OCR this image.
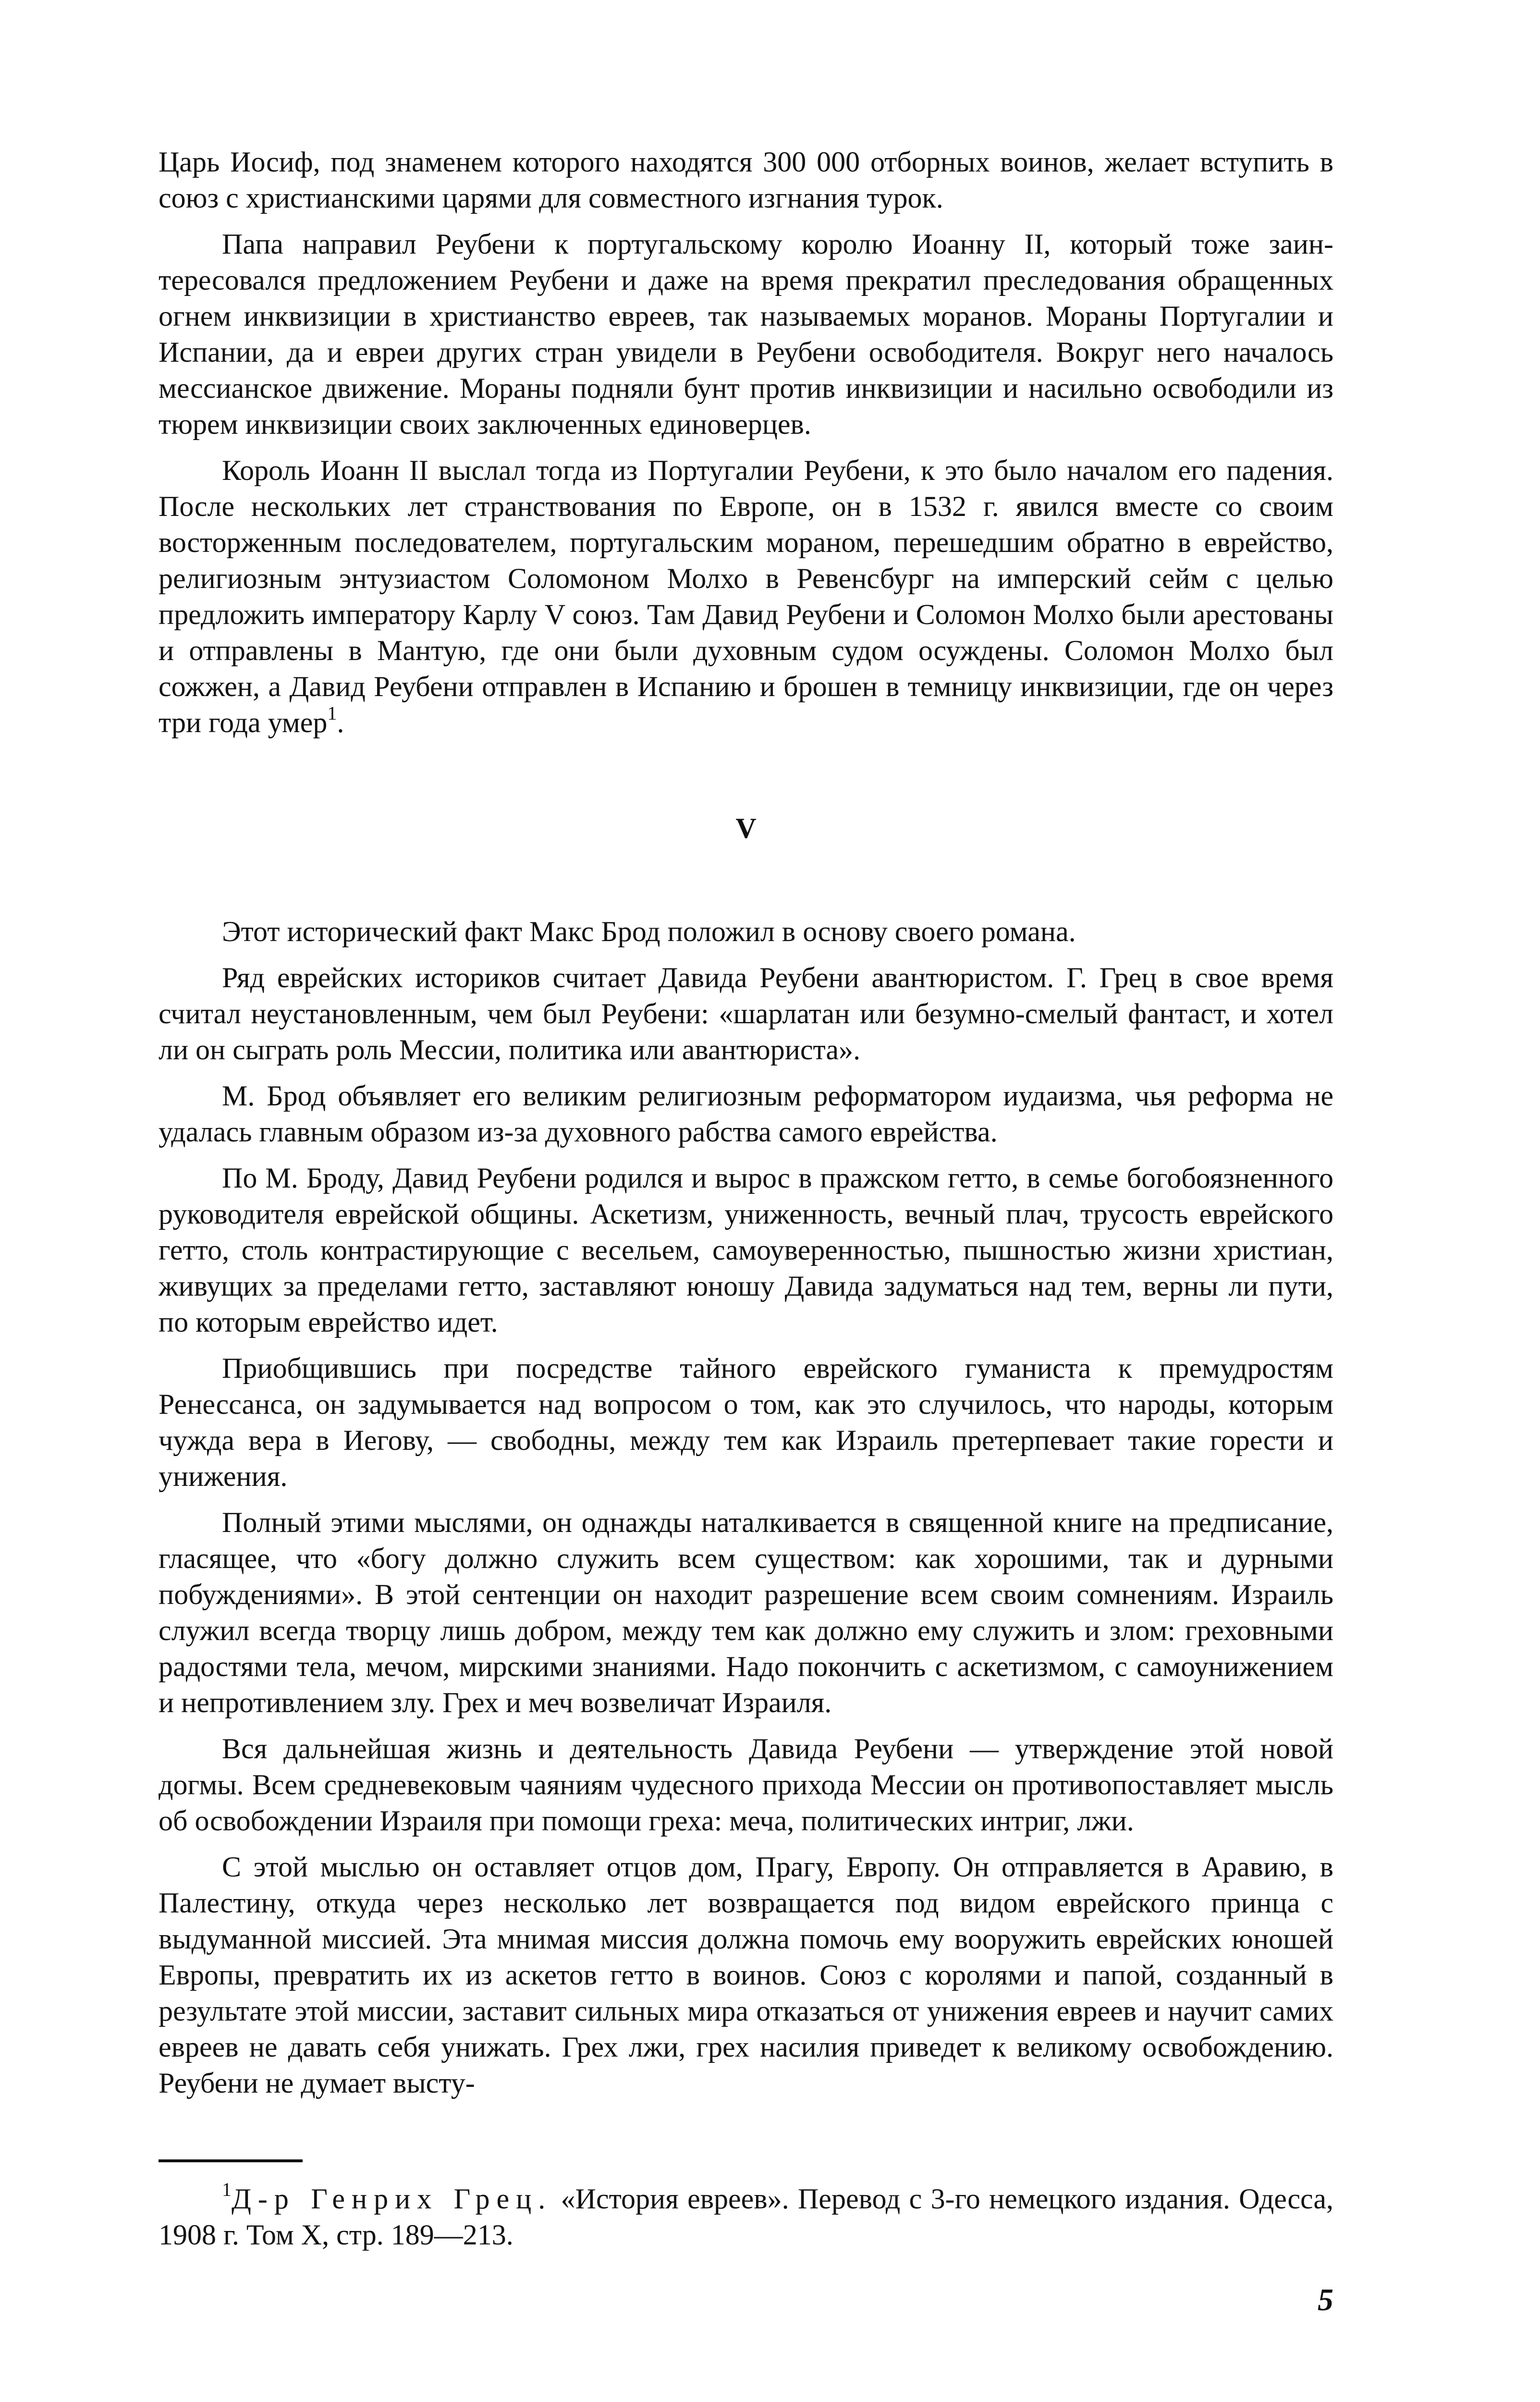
Царь Иосиф, под знаменем которого находятся 300 000 отборных воинов, желает вступить в союз с христианскими царями для совместного изгнания турок.

Папа направил Реубени к португальскому королю Иоанну II, который тоже заинтересовался предложением Реубени и даже на время прекратил преследования обращенных огнем инквизиции в христианство евреев, так называемых моранов. Мораны Португалии и Испании, да и евреи других стран увидели в Реубени освободителя. Вокруг него началось мессианское движение. Мораны подняли бунт против инквизиции и насильно освободили из тюрем инквизиции своих заключенных единоверцев.

Король Иоанн II выслал тогда из Португалии Реубени, к это было началом его падения. После нескольких лет странствования по Европе, он в 1532 г. явился вместе со своим восторженным последователем, португальским мораном, перешедшим обратно в еврейство, религиозным энтузиастом Соломоном Молхо в Ревенсбург на имперский сейм с целью предложить императору Карлу V союз. Там Давид Реубени и Соломон Молхо были арестованы и отправлены в Мантую, где они были духовным судом осуждены. Соломон Молхо был сожжен, а Давид Реубени отправлен в Испанию и брошен в темницу инквизиции, где он через три года умер$^1$.

V

Этот исторический факт Макс Брод положил в основу своего романа.

Ряд еврейских историков считает Давида Реубени авантюристом. Г. Грец в свое время считал неустановленным, чем был Реубени: «шарлатан или безумно-смелый фантаст, и хотел ли он сыграть роль Мессии, политика или авантюриста».

М. Брод объявляет его великим религиозным реформатором иудаизма, чья реформа не удалась главным образом из-за духовного рабства самого еврейства.

По М. Броду, Давид Реубени родился и вырос в пражском гетто, в семье богобоязненного руководителя еврейской общины. Аскетизм, униженность, вечный плач, трусость еврейского гетто, столь контрастирующие с весельем, самоуверенностью, пышностью жизни христиан, живущих за пределами гетто, заставляют юношу Давида задуматься над тем, верны ли пути, по которым еврейство идет.

Приобщившись при посредстве тайного еврейского гуманиста к премудростям Ренессанса, он задумывается над вопросом о том, как это случилось, что народы, которым чужда вера в Иегову, — свободны, между тем как Израиль претерпевает такие горести и унижения.

Полный этими мыслями, он однажды наталкивается в священной книге на предписание, гласящее, что «богу должно служить всем существом: как хорошими, так и дурными побуждениями». В этой сентенции он находит разрешение всем своим сомнениям. Израиль служил всегда творцу лишь добром, между тем как должно ему служить и злом: греховными радостями тела, мечом, мирскими знаниями. Надо покончить с аскетизмом, с самоунижением и непротивлением злу. Грех и меч возвеличат Израиля.

Вся дальнейшая жизнь и деятельность Давида Реубени — утверждение этой новой догмы. Всем средневековым чаяниям чудесного прихода Мессии он противопоставляет мысль об освобождении Израиля при помощи греха: меча, политических интриг, лжи.

С этой мыслью он оставляет отцов дом, Прагу, Европу. Он отправляется в Аравию, в Палестину, откуда через несколько лет возвращается под видом еврейского принца с выдуманной миссией. Эта мнимая миссия должна помочь ему вооружить еврейских юношей Европы, превратить их из аскетов гетто в воинов. Союз с королями и папой, созданный в результате этой миссии, заставит сильных мира отказаться от унижения евреев и научит самих евреев не давать себя унижать. Грех лжи, грех насилия приведет к великому освобождению. Реубени не думает высту-

$^1$Д-р Генрих Грец. «История евреев». Перевод с 3-го немецкого издания. Одесса, 1908 г. Том X, стр. 189—213.
5
